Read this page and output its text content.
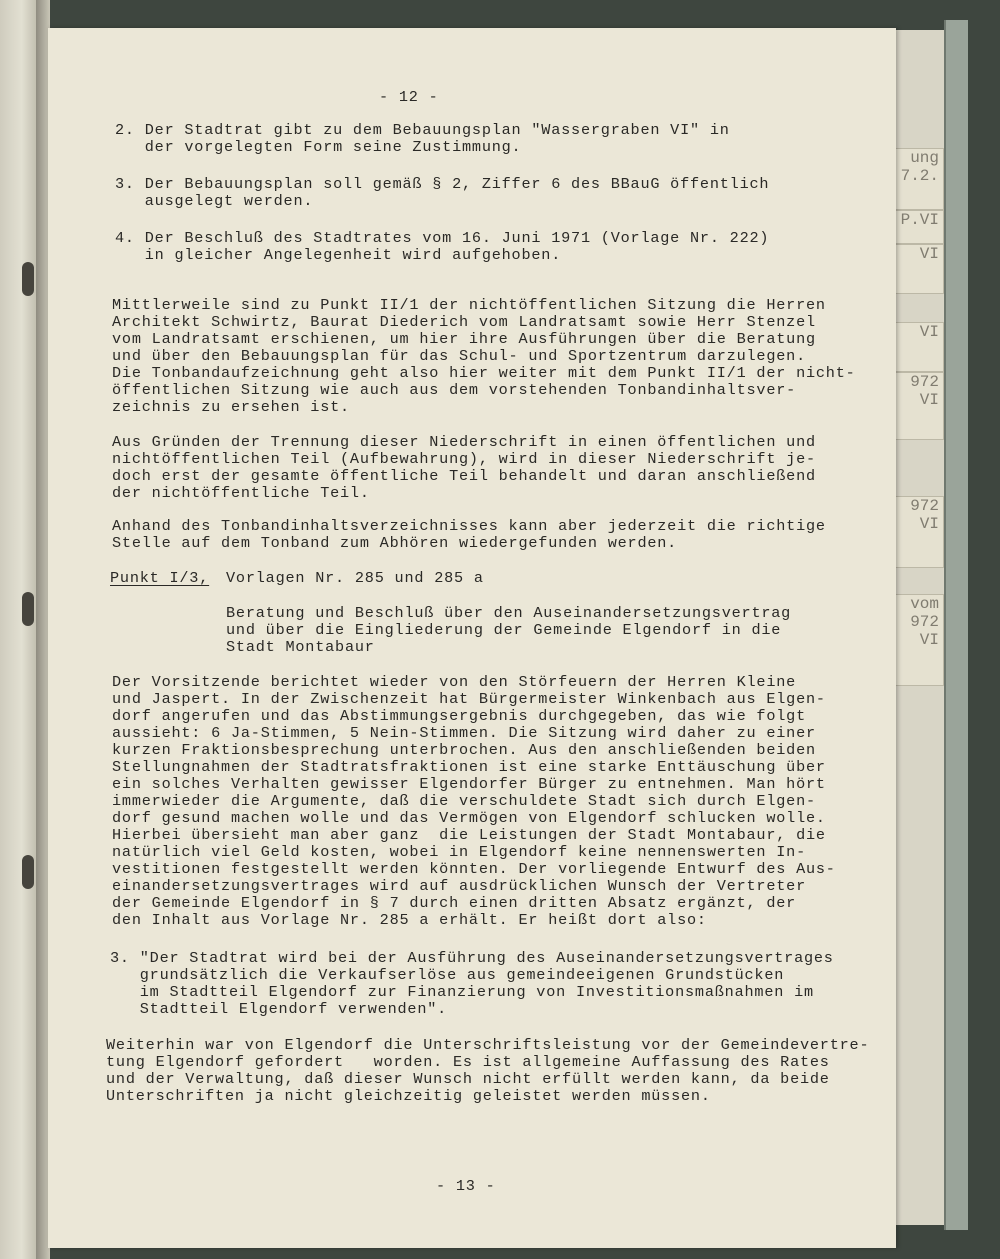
ung 7.2.
P.VI
VI
VI
972 VI
972 VI
vom 972 VI

- 12 -

2. Der Stadtrat gibt zu dem Bebauungsplan "Wassergraben VI" in
der vorgelegten Form seine Zustimmung.

3. Der Bebauungsplan soll gemäß § 2, Ziffer 6 des BBauG öffentlich
ausgelegt werden.

4. Der Beschluß des Stadtrates vom 16. Juni 1971 (Vorlage Nr. 222)
in gleicher Angelegenheit wird aufgehoben.

Mittlerweile sind zu Punkt II/1 der nichtöffentlichen Sitzung die Herren
Architekt Schwirtz, Baurat Diederich vom Landratsamt sowie Herr Stenzel
vom Landratsamt erschienen, um hier ihre Ausführungen über die Beratung
und über den Bebauungsplan für das Schul- und Sportzentrum darzulegen.
Die Tonbandaufzeichnung geht also hier weiter mit dem Punkt II/1 der nicht-
öffentlichen Sitzung wie auch aus dem vorstehenden Tonbandinhaltsver-
zeichnis zu ersehen ist.

Aus Gründen der Trennung dieser Niederschrift in einen öffentlichen und
nichtöffentlichen Teil (Aufbewahrung), wird in dieser Niederschrift je-
doch erst der gesamte öffentliche Teil behandelt und daran anschließend
der nichtöffentliche Teil.

Anhand des Tonbandinhaltsverzeichnisses kann aber jederzeit die richtige
Stelle auf dem Tonband zum Abhören wiedergefunden werden.

Punkt I/3, Vorlagen Nr. 285 und 285 a

Beratung und Beschluß über den Auseinandersetzungsvertrag
und über die Eingliederung der Gemeinde Elgendorf in die
Stadt Montabaur

Der Vorsitzende berichtet wieder von den Störfeuern der Herren Kleine
und Jaspert. In der Zwischenzeit hat Bürgermeister Winkenbach aus Elgen-
dorf angerufen und das Abstimmungsergebnis durchgegeben, das wie folgt
aussieht: 6 Ja-Stimmen, 5 Nein-Stimmen. Die Sitzung wird daher zu einer
kurzen Fraktionsbesprechung unterbrochen. Aus den anschließenden beiden
Stellungnahmen der Stadtratsfraktionen ist eine starke Enttäuschung über
ein solches Verhalten gewisser Elgendorfer Bürger zu entnehmen. Man hört
immerwieder die Argumente, daß die verschuldete Stadt sich durch Elgen-
dorf gesund machen wolle und das Vermögen von Elgendorf schlucken wolle.
Hierbei übersieht man aber ganz  die Leistungen der Stadt Montabaur, die
natürlich viel Geld kosten, wobei in Elgendorf keine nennenswerten In-
vestitionen festgestellt werden könnten. Der vorliegende Entwurf des Aus-
einandersetzungsvertrages wird auf ausdrücklichen Wunsch der Vertreter
der Gemeinde Elgendorf in § 7 durch einen dritten Absatz ergänzt, der
den Inhalt aus Vorlage Nr. 285 a erhält. Er heißt dort also:

3. "Der Stadtrat wird bei der Ausführung des Auseinandersetzungsvertrages
grundsätzlich die Verkaufserlöse aus gemeindeeigenen Grundstücken
im Stadtteil Elgendorf zur Finanzierung von Investitionsmaßnahmen im
Stadtteil Elgendorf verwenden".

Weiterhin war von Elgendorf die Unterschriftsleistung vor der Gemeindevertre-
tung Elgendorf gefordert   worden. Es ist allgemeine Auffassung des Rates
und der Verwaltung, daß dieser Wunsch nicht erfüllt werden kann, da beide
Unterschriften ja nicht gleichzeitig geleistet werden müssen.

- 13 -
